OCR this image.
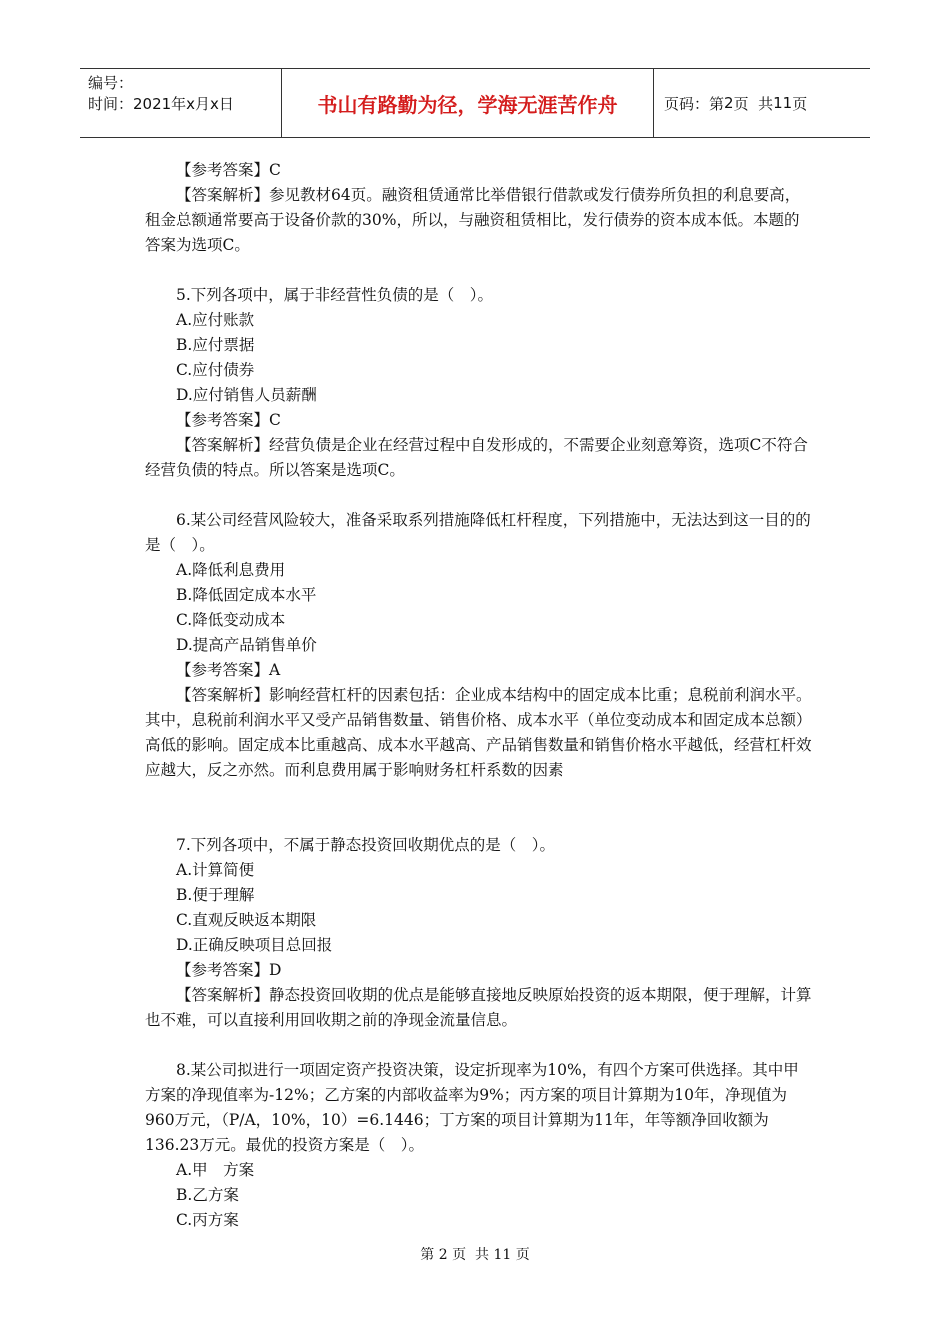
编号：
时间：2021年x月x日	书山有路勤为径，学海无涯苦作舟	页码：第 2 页  共 11 页

【参考答案】C

【答案解析】参见教材64页。融资租赁通常比举借银行借款或发行债券所负担的利息要高，租金总额通常要高于设备价款的30%，所以，与融资租赁相比，发行债券的资本成本低。本题的答案为选项C。

5.下列各项中，属于非经营性负债的是（　）。

A.应付账款

B.应付票据

C.应付债券

D.应付销售人员薪酬

【参考答案】C

【答案解析】经营负债是企业在经营过程中自发形成的，不需要企业刻意筹资，选项C不符合经营负债的特点。所以答案是选项C。

6.某公司经营风险较大，准备采取系列措施降低杠杆程度，下列措施中，无法达到这一目的的是（　）。

A.降低利息费用

B.降低固定成本水平

C.降低变动成本

D.提高产品销售单价

【参考答案】A

【答案解析】影响经营杠杆的因素包括：企业成本结构中的固定成本比重；息税前利润水平。其中，息税前利润水平又受产品销售数量、销售价格、成本水平（单位变动成本和固定成本总额）高低的影响。固定成本比重越高、成本水平越高、产品销售数量和销售价格水平越低，经营杠杆效应越大，反之亦然。而利息费用属于影响财务杠杆系数的因素

7.下列各项中，不属于静态投资回收期优点的是（　）。

A.计算简便

B.便于理解

C.直观反映返本期限

D.正确反映项目总回报

【参考答案】D

【答案解析】静态投资回收期的优点是能够直接地反映原始投资的返本期限，便于理解，计算也不难，可以直接利用回收期之前的净现金流量信息。

8.某公司拟进行一项固定资产投资决策，设定折现率为10%，有四个方案可供选择。其中甲方案的净现值率为-12%；乙方案的内部收益率为9%；丙方案的项目计算期为10年，净现值为960万元，（P/A，10%，10）=6.1446；丁方案的项目计算期为11年，年等额净回收额为136.23万元。最优的投资方案是（　）。

A.甲　方案

B.乙方案

C.丙方案

第 2 页  共 11 页
